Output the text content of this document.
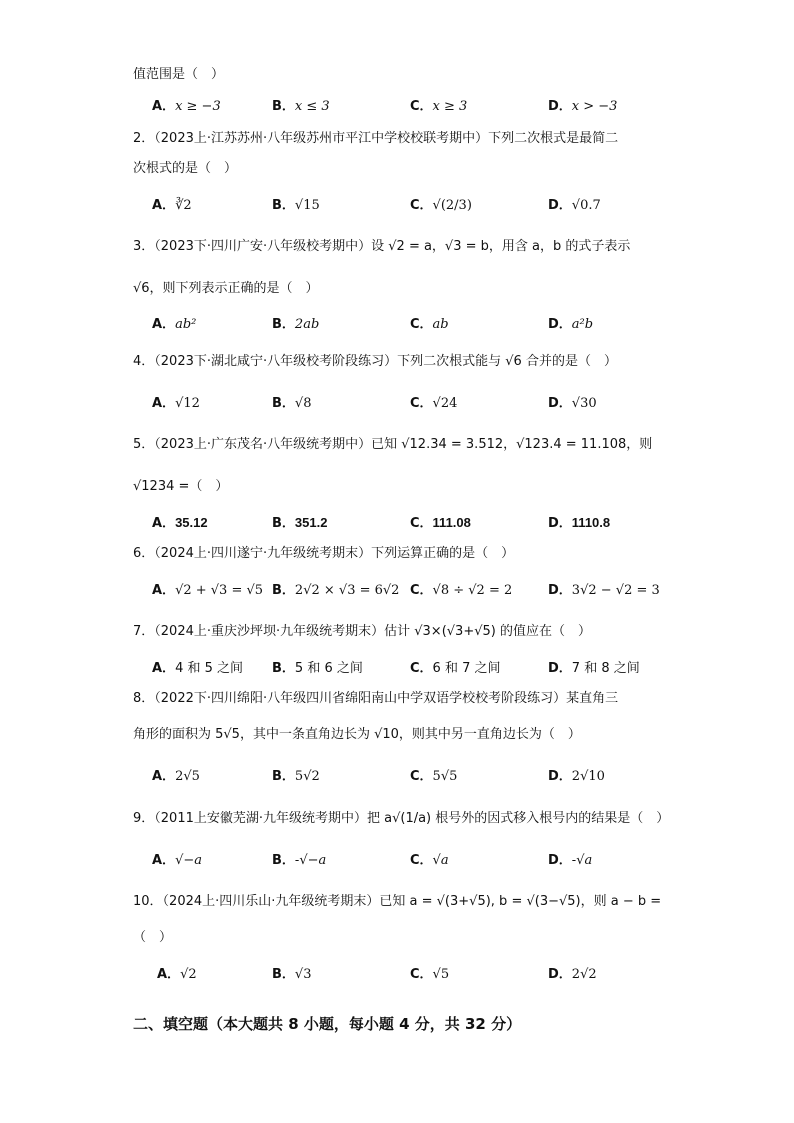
值范围是（　）
A．x ≥ −3	B．x ≤ 3	C．x ≥ 3	D．x > −3
2．（2023上·江苏苏州·八年级苏州市平江中学校校联考期中）下列二次根式是最简二
次根式的是（　）
A．∛2	B．√15	C．√(2/3)	D．√0.7
3．（2023下·四川广安·八年级校考期中）设 √2 = a，√3 = b，用含 a，b 的式子表示
√6，则下列表示正确的是（　）
A．ab²	B．2ab	C．ab	D．a²b
4．（2023下·湖北咸宁·八年级校考阶段练习）下列二次根式能与 √6 合并的是（　）
A．√12	B．√8	C．√24	D．√30
5．（2023上·广东茂名·八年级统考期中）已知 √12.34 = 3.512，√123.4 = 11.108，则
√1234 =（　）
A．35.12	B．351.2	C．111.08	D．1110.8
6．（2024上·四川遂宁·九年级统考期末）下列运算正确的是（　）
A．√2 + √3 = √5 B．2√2 × √3 = 6√2 C．√8 ÷ √2 = 2	D．3√2 − √2 = 3
7．（2024上·重庆沙坪坝·九年级统考期末）估计 √3×(√3+√5) 的值应在（　）
A．4 和 5 之间 B．5 和 6 之间	C．6 和 7 之间	D．7 和 8 之间
8．（2022下·四川绵阳·八年级四川省绵阳南山中学双语学校校考阶段练习）某直角三
角形的面积为 5√5，其中一条直角边长为 √10，则其中另一直角边长为（　）
A．2√5	B．5√2	C．5√5	D．2√10
9．（2011上安徽芜湖·九年级统考期中）把 a√(1/a) 根号外的因式移入根号内的结果是（　）
A．√−a	B．-√−a	C．√a	D．-√a
10．（2024上·四川乐山·九年级统考期末）已知 a = √(3+√5), b = √(3−√5)，则 a − b =
（　）
A．√2	B．√3	C．√5	D．2√2
二、填空题（本大题共 8 小题，每小题 4 分，共 32 分）
